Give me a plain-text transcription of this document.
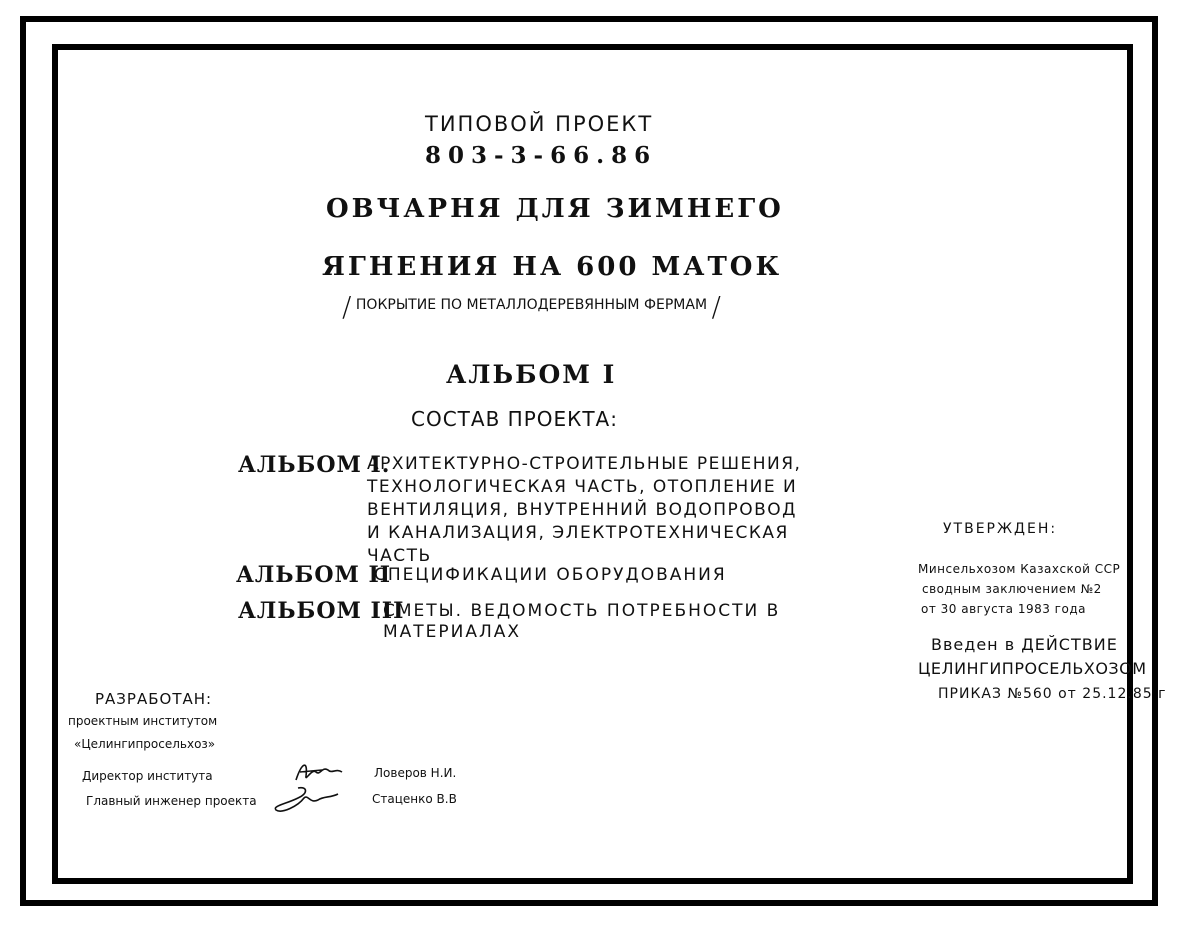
ТИПОВОЙ ПРОЕКТ
803-3-66.86
ОВЧАРНЯ ДЛЯ ЗИМНЕГО
ЯГНЕНИЯ НА 600 МАТОК
/ ПОКРЫТИЕ ПО МЕТАЛЛОДЕРЕВЯННЫМ ФЕРМАМ /
АЛЬБОМ I
СОСТАВ ПРОЕКТА:
АЛЬБОМ I.
АРХИТЕКТУРНО-СТРОИТЕЛЬНЫЕ РЕШЕНИЯ,
ТЕХНОЛОГИЧЕСКАЯ ЧАСТЬ, ОТОПЛЕНИЕ И
ВЕНТИЛЯЦИЯ, ВНУТРЕННИЙ ВОДОПРОВОД
И КАНАЛИЗАЦИЯ, ЭЛЕКТРОТЕХНИЧЕСКАЯ
ЧАСТЬ
АЛЬБОМ II
СПЕЦИФИКАЦИИ ОБОРУДОВАНИЯ
АЛЬБОМ III
СМЕТЫ. ВЕДОМОСТЬ ПОТРЕБНОСТИ В
МАТЕРИАЛАХ
УТВЕРЖДЕН:
Минсельхозом Казахской ССР
сводным заключением №2
от 30 августа 1983 года
Введен в ДЕЙСТВИЕ
ЦЕЛИНГИПРОСЕЛЬХОЗОМ
ПРИКАЗ №560 от 25.12.85 г
РАЗРАБОТАН:
проектным институтом
«Целингипросельхоз»
Директор института
Главный инженер проекта
Ловеров Н.И.
Стаценко В.В
